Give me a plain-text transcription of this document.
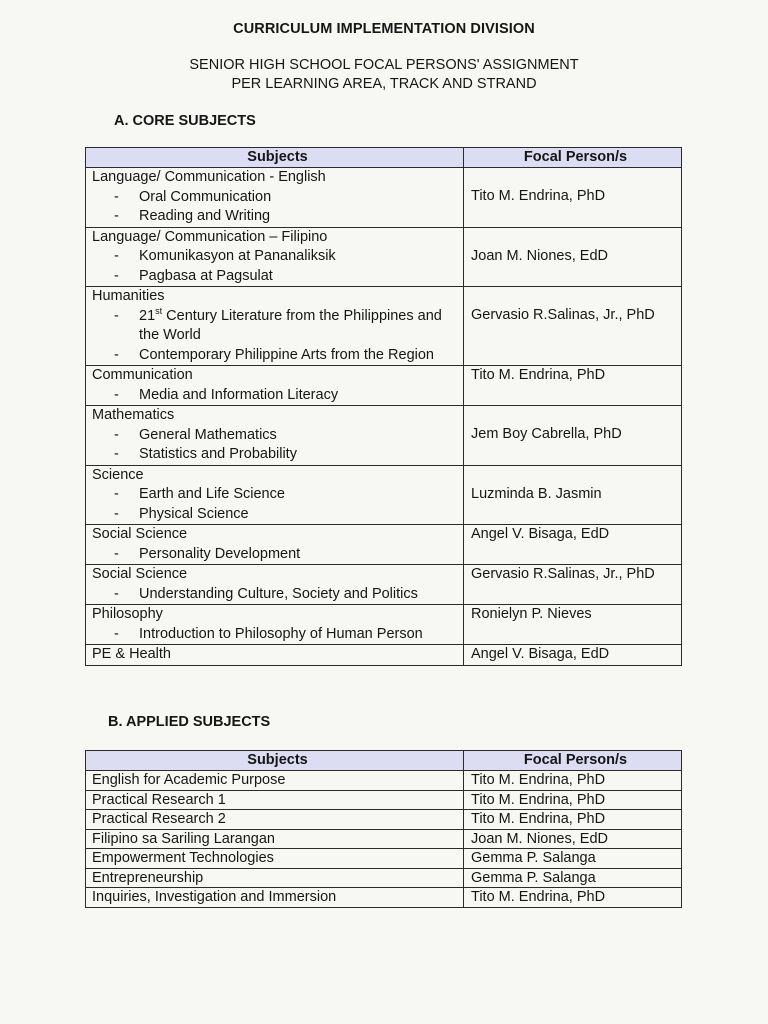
CURRICULUM IMPLEMENTATION DIVISION
SENIOR HIGH SCHOOL FOCAL PERSONS' ASSIGNMENT
PER LEARNING AREA, TRACK AND STRAND
A. CORE SUBJECTS
Subjects	Focal Person/s

Language/ Communication - English
- Oral Communication
- Reading and Writing	Tito M. Endrina, PhD

Language/ Communication – Filipino
- Komunikasyon at Pananaliksik
- Pagbasa at Pagsulat	Joan M. Niones, EdD

Humanities
- 21st Century Literature from the Philippines and the World
- Contemporary Philippine Arts from the Region	Gervasio R.Salinas, Jr., PhD

Communication
- Media and Information Literacy	Tito M. Endrina, PhD

Mathematics
- General Mathematics
- Statistics and Probability	Jem Boy Cabrella, PhD

Science
- Earth and Life Science
- Physical Science	Luzminda B. Jasmin

Social Science
- Personality Development	Angel V. Bisaga, EdD

Social Science
- Understanding Culture, Society and Politics	Gervasio R.Salinas, Jr., PhD

Philosophy
- Introduction to Philosophy of Human Person	Ronielyn P. Nieves

PE & Health	Angel V. Bisaga, EdD
B. APPLIED SUBJECTS
Subjects	Focal Person/s
English for Academic Purpose	Tito M. Endrina, PhD
Practical Research 1	Tito M. Endrina, PhD
Practical Research 2	Tito M. Endrina, PhD
Filipino sa Sariling Larangan	Joan M. Niones, EdD
Empowerment Technologies	Gemma P. Salanga
Entrepreneurship	Gemma P. Salanga
Inquiries, Investigation and Immersion	Tito M. Endrina, PhD
